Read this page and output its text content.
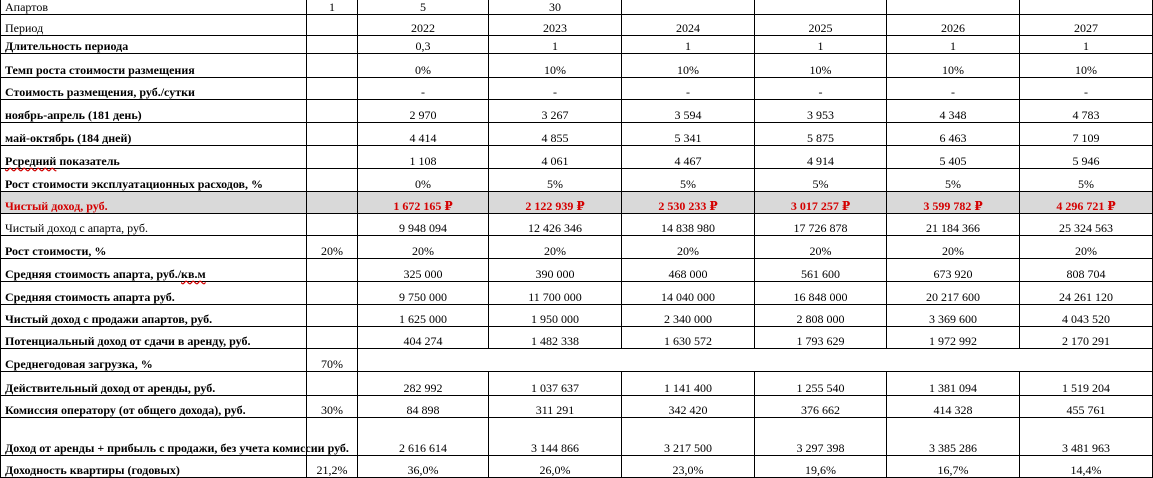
Апартов	1	5	30				
Период		2022	2023	2024	2025	2026	2027
Длительность периода		0,3	1	1	1	1	1
Темп роста стоимости размещения		0%	10%	10%	10%	10%	10%
Стоимость размещения, руб./сутки		-	-	-	-	-	-
ноябрь-апрель (181 день)		2 970	3 267	3 594	3 953	4 348	4 783
май-октябрь (184 дней)		4 414	4 855	5 341	5 875	6 463	7 109
Рсредний показатель		1 108	4 061	4 467	4 914	5 405	5 946
Рост стоимости эксплуатационных расходов, %		0%	5%	5%	5%	5%	5%
Чистый доход, руб.		1 672 165 ₽	2 122 939 ₽	2 530 233 ₽	3 017 257 ₽	3 599 782 ₽	4 296 721 ₽
Чистый доход с апарта, руб.		9 948 094	12 426 346	14 838 980	17 726 878	21 184 366	25 324 563
Рост стоимости, %	20%	20%	20%	20%	20%	20%	20%
Средняя стоимость апарта, руб./кв.м		325 000	390 000	468 000	561 600	673 920	808 704
Средняя стоимость апарта руб.		9 750 000	11 700 000	14 040 000	16 848 000	20 217 600	24 261 120
Чистый доход с продажи апартов, руб.		1 625 000	1 950 000	2 340 000	2 808 000	3 369 600	4 043 520
Потенциальный доход от сдачи в аренду, руб.		404 274	1 482 338	1 630 572	1 793 629	1 972 992	2 170 291
Среднегодовая загрузка, %	70%						
Действительный доход от аренды, руб.		282 992	1 037 637	1 141 400	1 255 540	1 381 094	1 519 204
Комиссия оператору (от общего дохода), руб.	30%	84 898	311 291	342 420	376 662	414 328	455 761
Доход от аренды + прибыль с продажи, без учета комиссии руб.		2 616 614	3 144 866	3 217 500	3 297 398	3 385 286	3 481 963
Доходность квартиры (годовых)	21,2%	36,0%	26,0%	23,0%	19,6%	16,7%	14,4%
